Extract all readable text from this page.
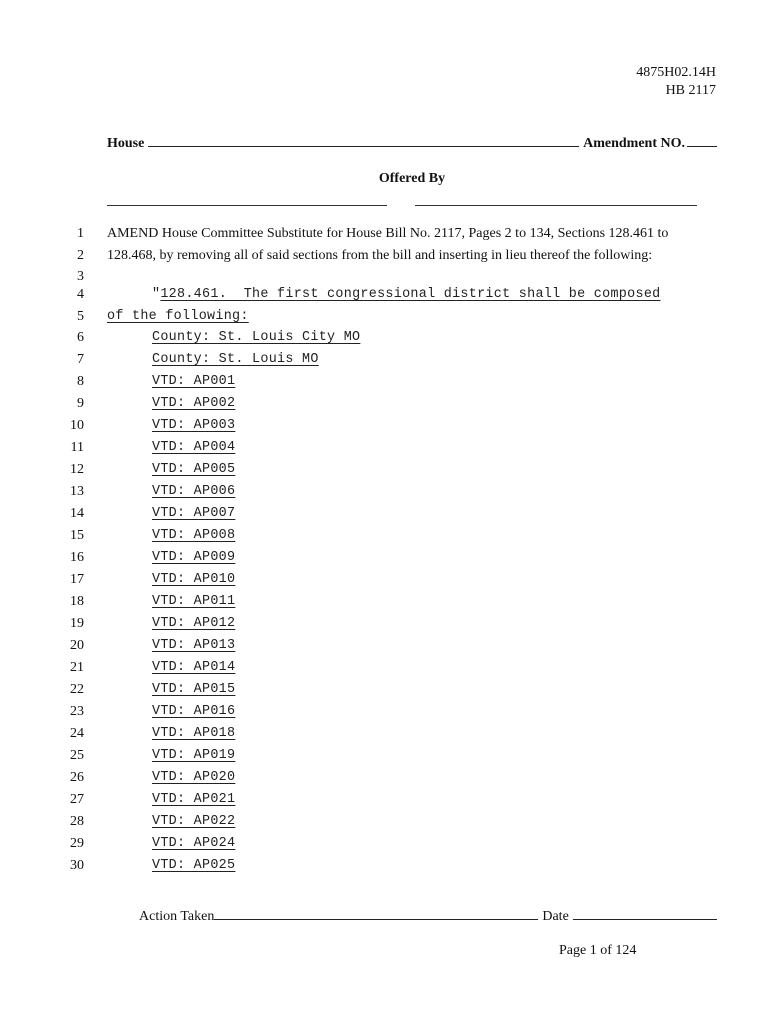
4875H02.14H
HB 2117
House	Amendment NO.
Offered By
1 AMEND House Committee Substitute for House Bill No. 2117, Pages 2 to 134, Sections 128.461 to
2 128.468, by removing all of said sections from the bill and inserting in lieu thereof the following:
3
4	"128.461.  The first congressional district shall be composed
5 of the following:
6	County: St. Louis City MO
7	County: St. Louis MO
8	VTD: AP001
9	VTD: AP002
10	VTD: AP003
11	VTD: AP004
12	VTD: AP005
13	VTD: AP006
14	VTD: AP007
15	VTD: AP008
16	VTD: AP009
17	VTD: AP010
18	VTD: AP011
19	VTD: AP012
20	VTD: AP013
21	VTD: AP014
22	VTD: AP015
23	VTD: AP016
24	VTD: AP018
25	VTD: AP019
26	VTD: AP020
27	VTD: AP021
28	VTD: AP022
29	VTD: AP024
30	VTD: AP025
Action Taken	Date
Page 1 of 124
